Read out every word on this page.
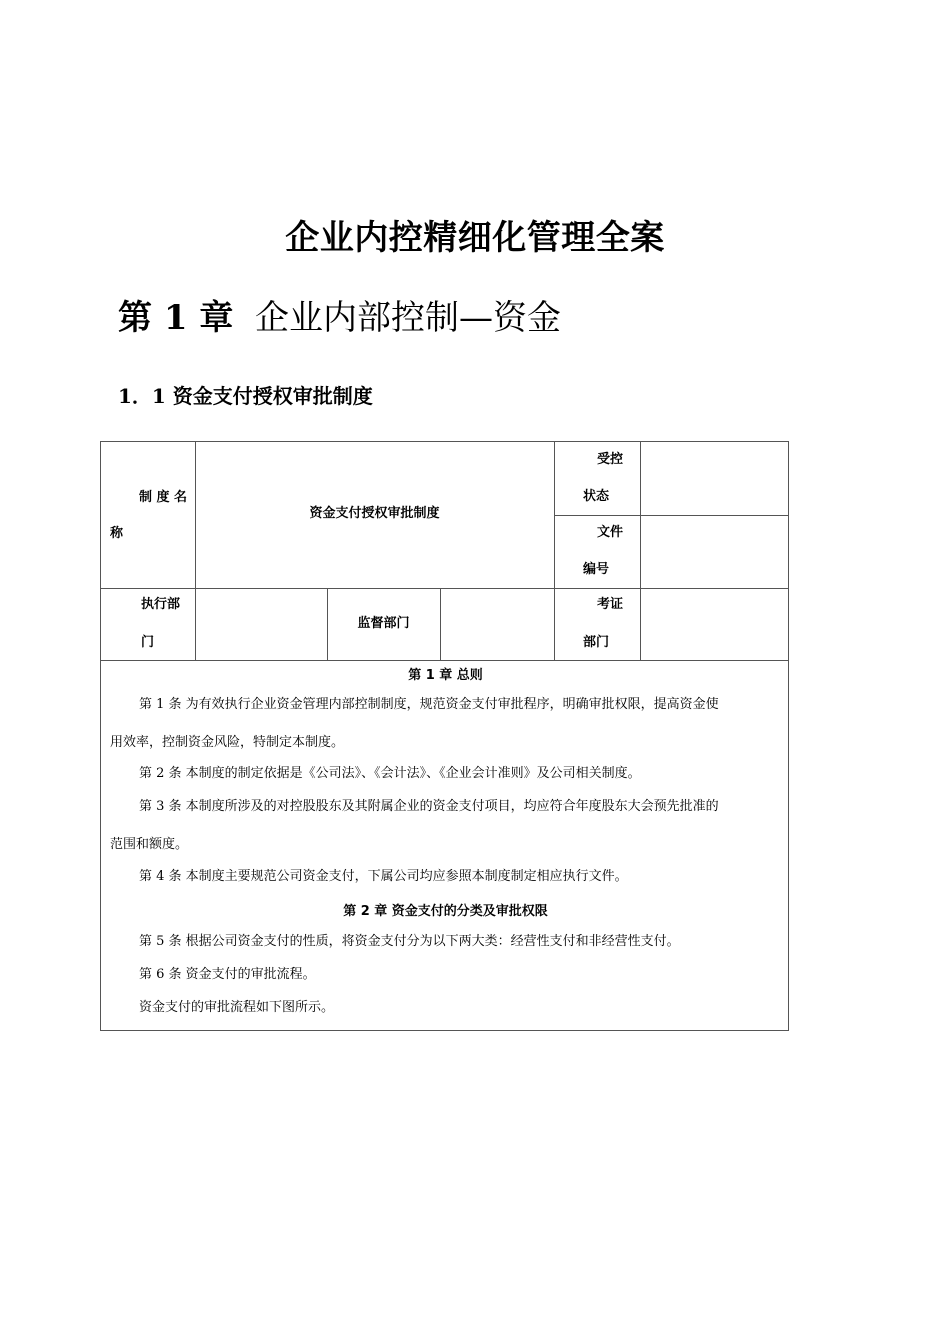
企业内控精细化管理全案
第 1 章 企业内部控制—资金
1．1 资金支付授权审批制度
制 度 名
称
资金支付授权审批制度
受控
状态
文件
编号
执行部
门
监督部门
考证
部门
第 1 章 总则
第 1 条 为有效执行企业资金管理内部控制制度，规范资金支付审批程序，明确审批权限，提高资金使
用效率，控制资金风险，特制定本制度。
第 2 条 本制度的制定依据是《公司法》、《会计法》、《企业会计准则》及公司相关制度。
第 3 条 本制度所涉及的对控股股东及其附属企业的资金支付项目，均应符合年度股东大会预先批准的
范围和额度。
第 4 条 本制度主要规范公司资金支付，下属公司均应参照本制度制定相应执行文件。
第 2 章 资金支付的分类及审批权限
第 5 条 根据公司资金支付的性质，将资金支付分为以下两大类：经营性支付和非经营性支付。
第 6 条 资金支付的审批流程。
资金支付的审批流程如下图所示。
